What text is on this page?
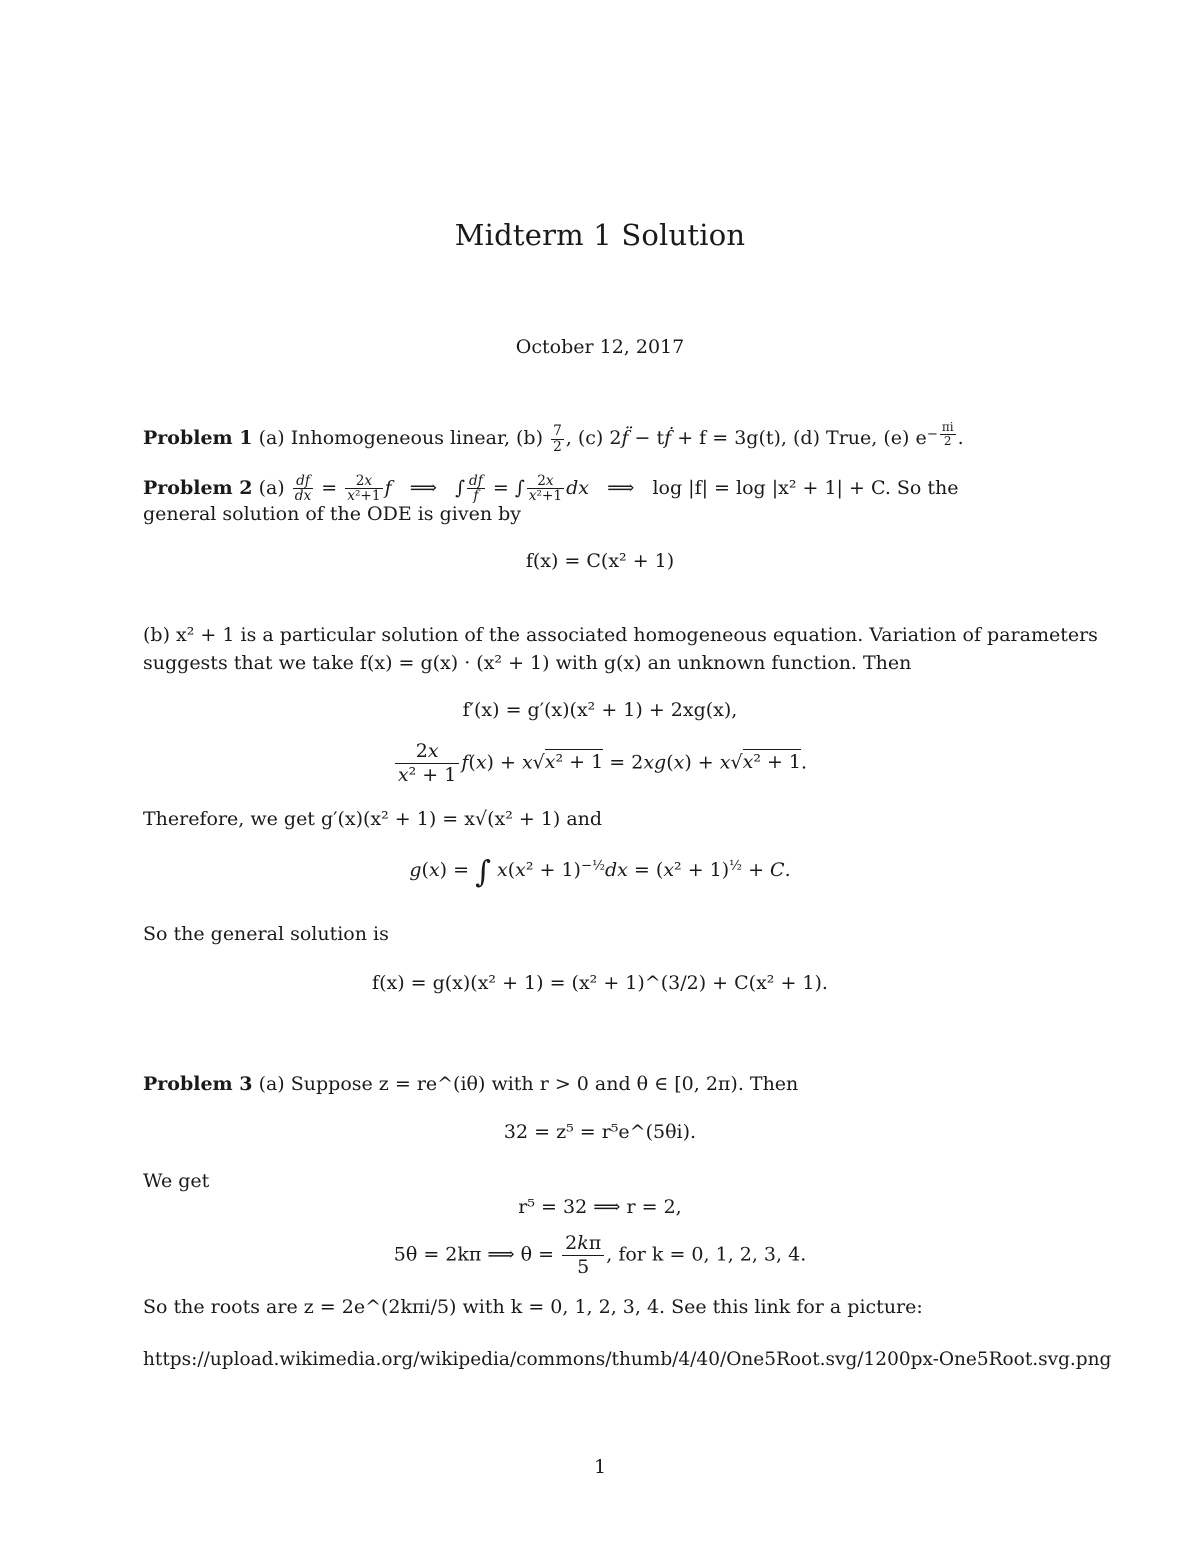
Midterm 1 Solution
October 12, 2017
Problem 1 (a) Inhomogeneous linear, $(b) \frac{7}{2}$ , (c) 2f̈ − tḟ + f = 3g(t), (d) True, (e) $e^{- \frac{\pi i}{2}}$ .
Problem 2 $(a) \frac{df}{dx} = \frac{2x}{\text{x²+1}}$ f   ⟹   ∫ $\frac{df}{f}$ = ∫ $\frac{2x}{\text{x²+1}}$ dx   ⟹   log |f| = log |x² + 1| + C. So the
general solution of the ODE is given by
f(x) = C(x² + 1)
(b) x² + 1 is a particular solution of the associated homogeneous equation. Variation of parameters
suggests that we take f(x) = g(x) · (x² + 1) with g(x) an unknown function. Then
f′(x) = g′(x)(x² + 1) + 2xg(x),
$\frac{2x}{\text{x² + 1}} f(x) + x√x^2 + 1 = 2xg(x) + x√x^2 + 1$.
Therefore, we get g′(x)(x² + 1) = x√(x² + 1) and
g(x) = ∫ $x(x^2 + 1)^{-\frac{1}{2}}dx = (x^2 + 1)^{\frac{1}{2}} + C$.
So the general solution is
f(x) = g(x)(x² + 1) = (x² + 1)^(3/2) + C(x² + 1).
Problem 3 (a) Suppose z = re^(iθ) with r > 0 and θ ∈ [0, 2π). Then
32 = z⁵ = r⁵e^(5θi).
We get
r⁵ = 32 ⟹ r = 2,
5θ = 2kπ ⟹ $\theta = \frac{2k\pi}{5}$ , for k = 0, 1, 2, 3, 4.
So the roots are z = 2e^(2kπi/5) with k = 0, 1, 2, 3, 4. See this link for a picture:
https://upload.wikimedia.org/wikipedia/commons/thumb/4/40/One5Root.svg/1200px-One5Root.svg.png
1
